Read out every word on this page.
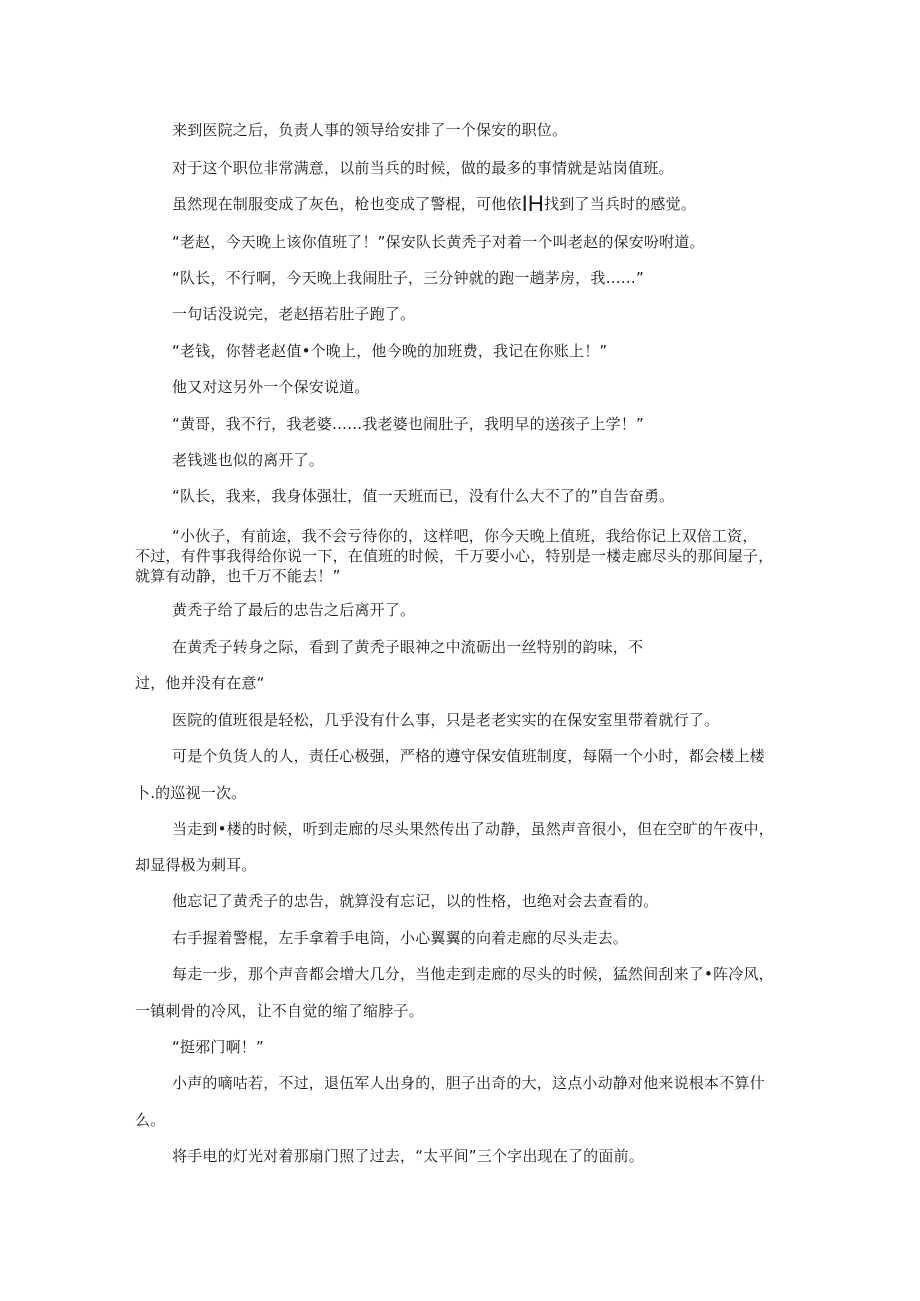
来到医院之后，负责人事的领导给安排了一个保安的职位。
对于这个职位非常满意，以前当兵的时候，做的最多的事情就是站岗值班。
虽然现在制服变成了灰色，枪也变成了警棍，可他依IH找到了当兵时的感觉。
“老赵，今天晚上该你值班了！”保安队长黄秃子对着一个叫老赵的保安吩咐道。
“队长，不行啊，今天晚上我闹肚子，三分钟就的跑一趟茅房，我……”
一句话没说完，老赵捂若肚子跑了。
“老钱，你替老赵值•个晚上，他今晚的加班费，我记在你账上！”
他又对这另外一个保安说道。
“黄哥，我不行，我老婆……我老婆也闹肚子，我明早的送孩子上学！”
老钱逃也似的离开了。
“队长，我来，我身体强壮，值一天班而已，没有什么大不了的”自告奋勇。
“小伙子，有前途，我不会亏待你的，这样吧，你今天晚上值班，我给你记上双倍工资，
不过，有件事我得给你说一下，在值班的时候，千万要小心，特别是一楼走廊尽头的那间屋子，
就算有动静，也千万不能去！”
黄秃子给了最后的忠告之后离开了。
在黄秃子转身之际，看到了黄秃子眼神之中流砺出一丝特别的韵味，不
过，他并没有在意“
医院的值班很是轻松，几乎没有什么事，只是老老实实的在保安室里带着就行了。
可是个负货人的人，责任心极强，严格的遵守保安值班制度，每隔一个小时，都会楼上楼
卜.的巡视一次。
当走到•楼的时候，听到走廊的尽头果然传出了动静，虽然声音很小，但在空旷的午夜中，
却显得极为刺耳。
他忘记了黄秃子的忠告，就算没有忘记，以的性格，也绝对会去查看的。
右手握着警棍，左手拿着手电筒，小心翼翼的向着走廊的尽头走去。
每走一步，那个声音都会增大几分，当他走到走廊的尽头的时候，猛然间刮来了•阵冷风，
一镇刺骨的冷风，让不自觉的缩了缩脖子。
“挺邪门啊！”
小声的嘀咕若，不过，退伍军人出身的，胆子出奇的大，这点小动静对他来说根本不算什
么。
将手电的灯光对着那扇门照了过去，“太平间”三个字出现在了的面前。
